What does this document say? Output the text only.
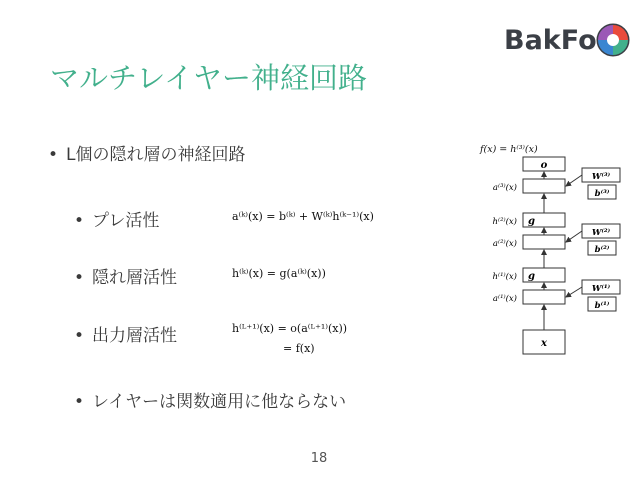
BakFo
マルチレイヤー神経回路
• L個の隠れ層の神経回路
• プレ活性
• 隠れ層活性
• 出力層活性
• レイヤーは関数適用に他ならない
a⁽ᵏ⁾(x) = b⁽ᵏ⁾ + W⁽ᵏ⁾h⁽ᵏ⁻¹⁾(x)
h⁽ᵏ⁾(x) = g(a⁽ᵏ⁾(x))
h⁽ᴸ⁺¹⁾(x) = o(a⁽ᴸ⁺¹⁾(x))
= f(x)
f(x) = h⁽³⁾(x)
o
a⁽³⁾(x)
W⁽³⁾
b⁽³⁾
h⁽²⁾(x) g
a⁽²⁾(x)
W⁽²⁾
b⁽²⁾
h⁽¹⁾(x) g
a⁽¹⁾(x)
W⁽¹⁾
b⁽¹⁾
x
18
